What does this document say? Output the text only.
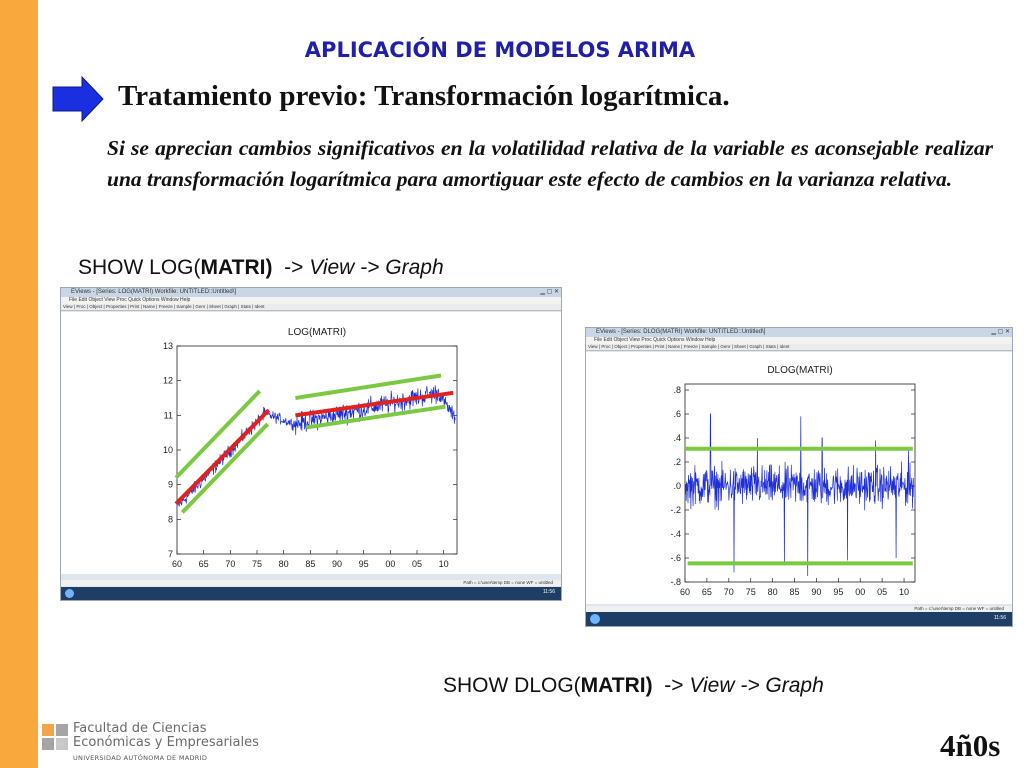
APLICACIÓN DE MODELOS ARIMA
Tratamiento previo: Transformación logarítmica.

Si se aprecian cambios significativos en la volatilidad relativa de la variable es aconsejable realizar una transformación logarítmica para amortiguar este efecto de cambios en la varianza relativa.

SHOW LOG(MATRI) -> View -> Graph
EViews - [Series: LOG(MATRI) Workfile: UNTITLED::Untitled\]	▁ ▢ ✕
File Edit Object View Proc Quick Options Window Help
View | Proc | Object | Properties | Print | Name | Freeze | Sample | Genr | Sheet | Graph | Stats | Ident
LOG(MATRI)
7
8
9
10
11
12
13
60 65 70 75 80 85 90 95 00 05 10
Path = c:\user\temp DB = none WF = untitled
11:56
EViews - [Series: DLOG(MATRI) Workfile: UNTITLED::Untitled\]	▁ ▢ ✕
File Edit Object View Proc Quick Options Window Help
View | Proc | Object | Properties | Print | Name | Freeze | Sample | Genr | Sheet | Graph | Stats | Ident
DLOG(MATRI)
-.8
-.6
-.4
-.2
.0
.2
.4
.6
.8
60 65 70 75 80 85 90 95 00 05 10
Path = c:\user\temp DB = none WF = untitled
11:56
SHOW DLOG(MATRI) -> View -> Graph
Facultad de Ciencias
Económicas y Empresariales
UNIVERSIDAD AUTÓNOMA DE MADRID	4ñ0s
